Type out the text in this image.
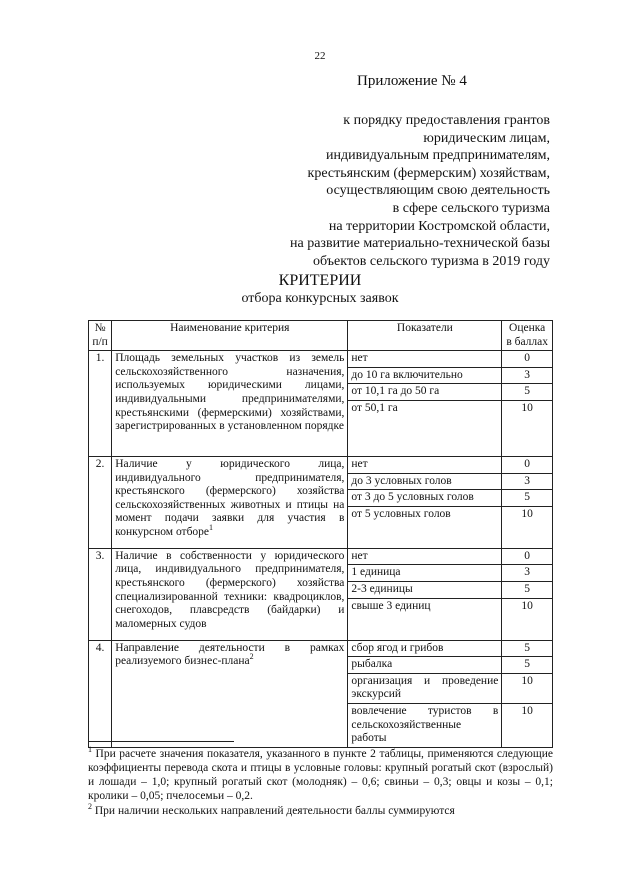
22
Приложение № 4
к порядку предоставления грантов
юридическим лицам,
индивидуальным предпринимателям,
крестьянским (фермерским) хозяйствам,
осуществляющим свою деятельность
в сфере сельского туризма
на территории Костромской области,
на развитие материально-технической базы
объектов сельского туризма в 2019 году
КРИТЕРИИ
отбора конкурсных заявок
№ п/п	Наименование критерия	Показатели	Оценка в баллах
1.	Площадь земельных участков из земель сельскохозяйственного назначения, используемых юридическими лицами, индивидуальными предпринимателями, крестьянскими (фермерскими) хозяйствами, зарегистрированных в установленном порядке	нет	0
		до 10 га включительно	3
		от 10,1 га до 50 га	5
		от 50,1 га	10
2.	Наличие у юридического лица, индивидуального предпринимателя, крестьянского (фермерского) хозяйства сельскохозяйственных животных и птицы на момент подачи заявки для участия в конкурсном отборе$^1$	нет	0
		до 3 условных голов	3
		от 3 до 5 условных голов	5
		от 5 условных голов	10
3.	Наличие в собственности у юридического лица, индивидуального предпринимателя, крестьянского (фермерского) хозяйства специализированной техники: квадроциклов, снегоходов, плавсредств (байдарки) и маломерных судов	нет	0
		1 единица	3
		2-3 единицы	5
		свыше 3 единиц	10
4.	Направление деятельности в рамках реализуемого бизнес-плана$^2$	сбор ягод и грибов	5
		рыбалка	5
		организация и проведение экскурсий	10
		вовлечение туристов в сельскохозяйственные работы	10
$^1$ При расчете значения показателя, указанного в пункте 2 таблицы, применяются следующие коэффициенты перевода скота и птицы в условные головы: крупный рогатый скот (взрослый) и лошади – 1,0; крупный рогатый скот (молодняк) – 0,6; свиньи – 0,3; овцы и козы – 0,1; кролики – 0,05; пчелосемьи – 0,2.
$^2$ При наличии нескольких направлений деятельности баллы суммируются
